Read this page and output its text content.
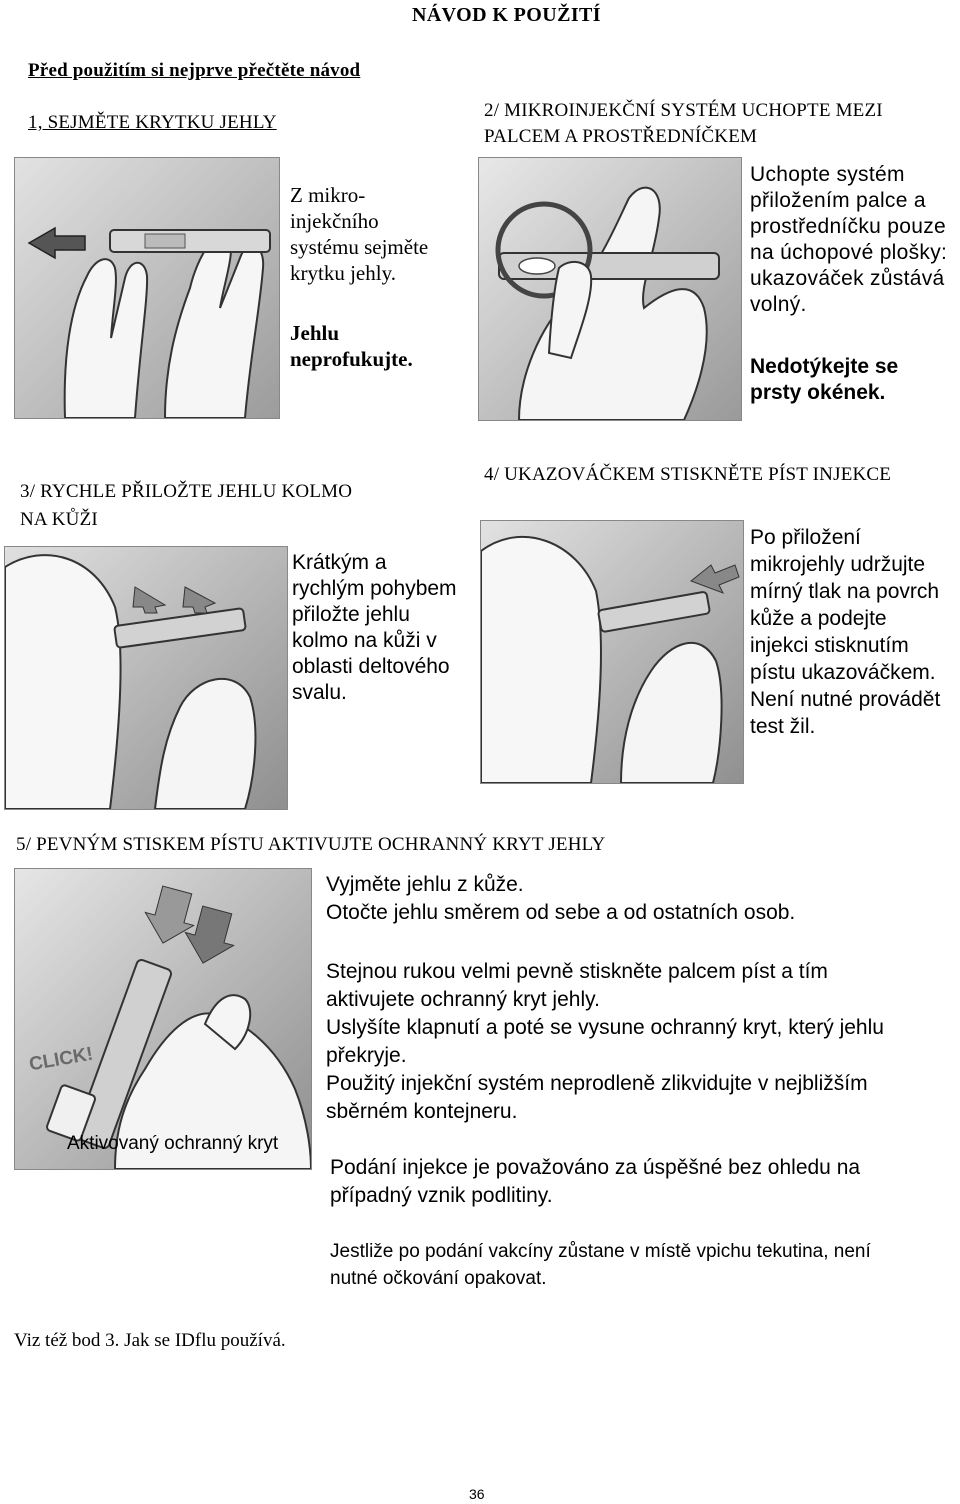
NÁVOD K POUŽITÍ
Před použitím si nejprve přečtěte návod
1, SEJMĚTE KRYTKU JEHLY

Z mikro-

injekčního

systému sejměte

krytku jehly.

Jehlu

neprofukujte.

2/ MIKROINJEKČNÍ SYSTÉM UCHOPTE MEZI

PALCEM A PROSTŘEDNÍČKEM

Uchopte systém

přiložením palce a

prostředníčku pouze

na úchopové plošky:

ukazováček zůstává

volný.

Nedotýkejte se

prsty okének.

3/ RYCHLE PŘILOŽTE JEHLU KOLMO

NA KŮŽI

Krátkým a

rychlým pohybem

přiložte jehlu

kolmo na kůži v

oblasti deltového

svalu.

4/ UKAZOVÁČKEM STISKNĚTE PÍST INJEKCE

Po přiložení

mikrojehly udržujte

mírný tlak na povrch

kůže a podejte

injekci stisknutím

pístu ukazováčkem.

Není nutné provádět

test žil.

5/ PEVNÝM STISKEM PÍSTU AKTIVUJTE OCHRANNÝ KRYT JEHLY
CLICK!
Aktivovaný ochranný kryt

Vyjměte jehlu z kůže.

Otočte jehlu směrem od sebe a od ostatních osob.

Stejnou rukou velmi pevně stiskněte palcem píst a tím

aktivujete ochranný kryt jehly.

Uslyšíte klapnutí a poté se vysune ochranný kryt, který jehlu

překryje.

Použitý injekční systém neprodleně zlikvidujte v nejbližším

sběrném kontejneru.

Podání injekce je považováno za úspěšné bez ohledu na

případný vznik podlitiny.

Jestliže po podání vakcíny zůstane v místě vpichu tekutina, není

nutné očkování opakovat.

Viz též bod 3. Jak se IDflu používá.
36
